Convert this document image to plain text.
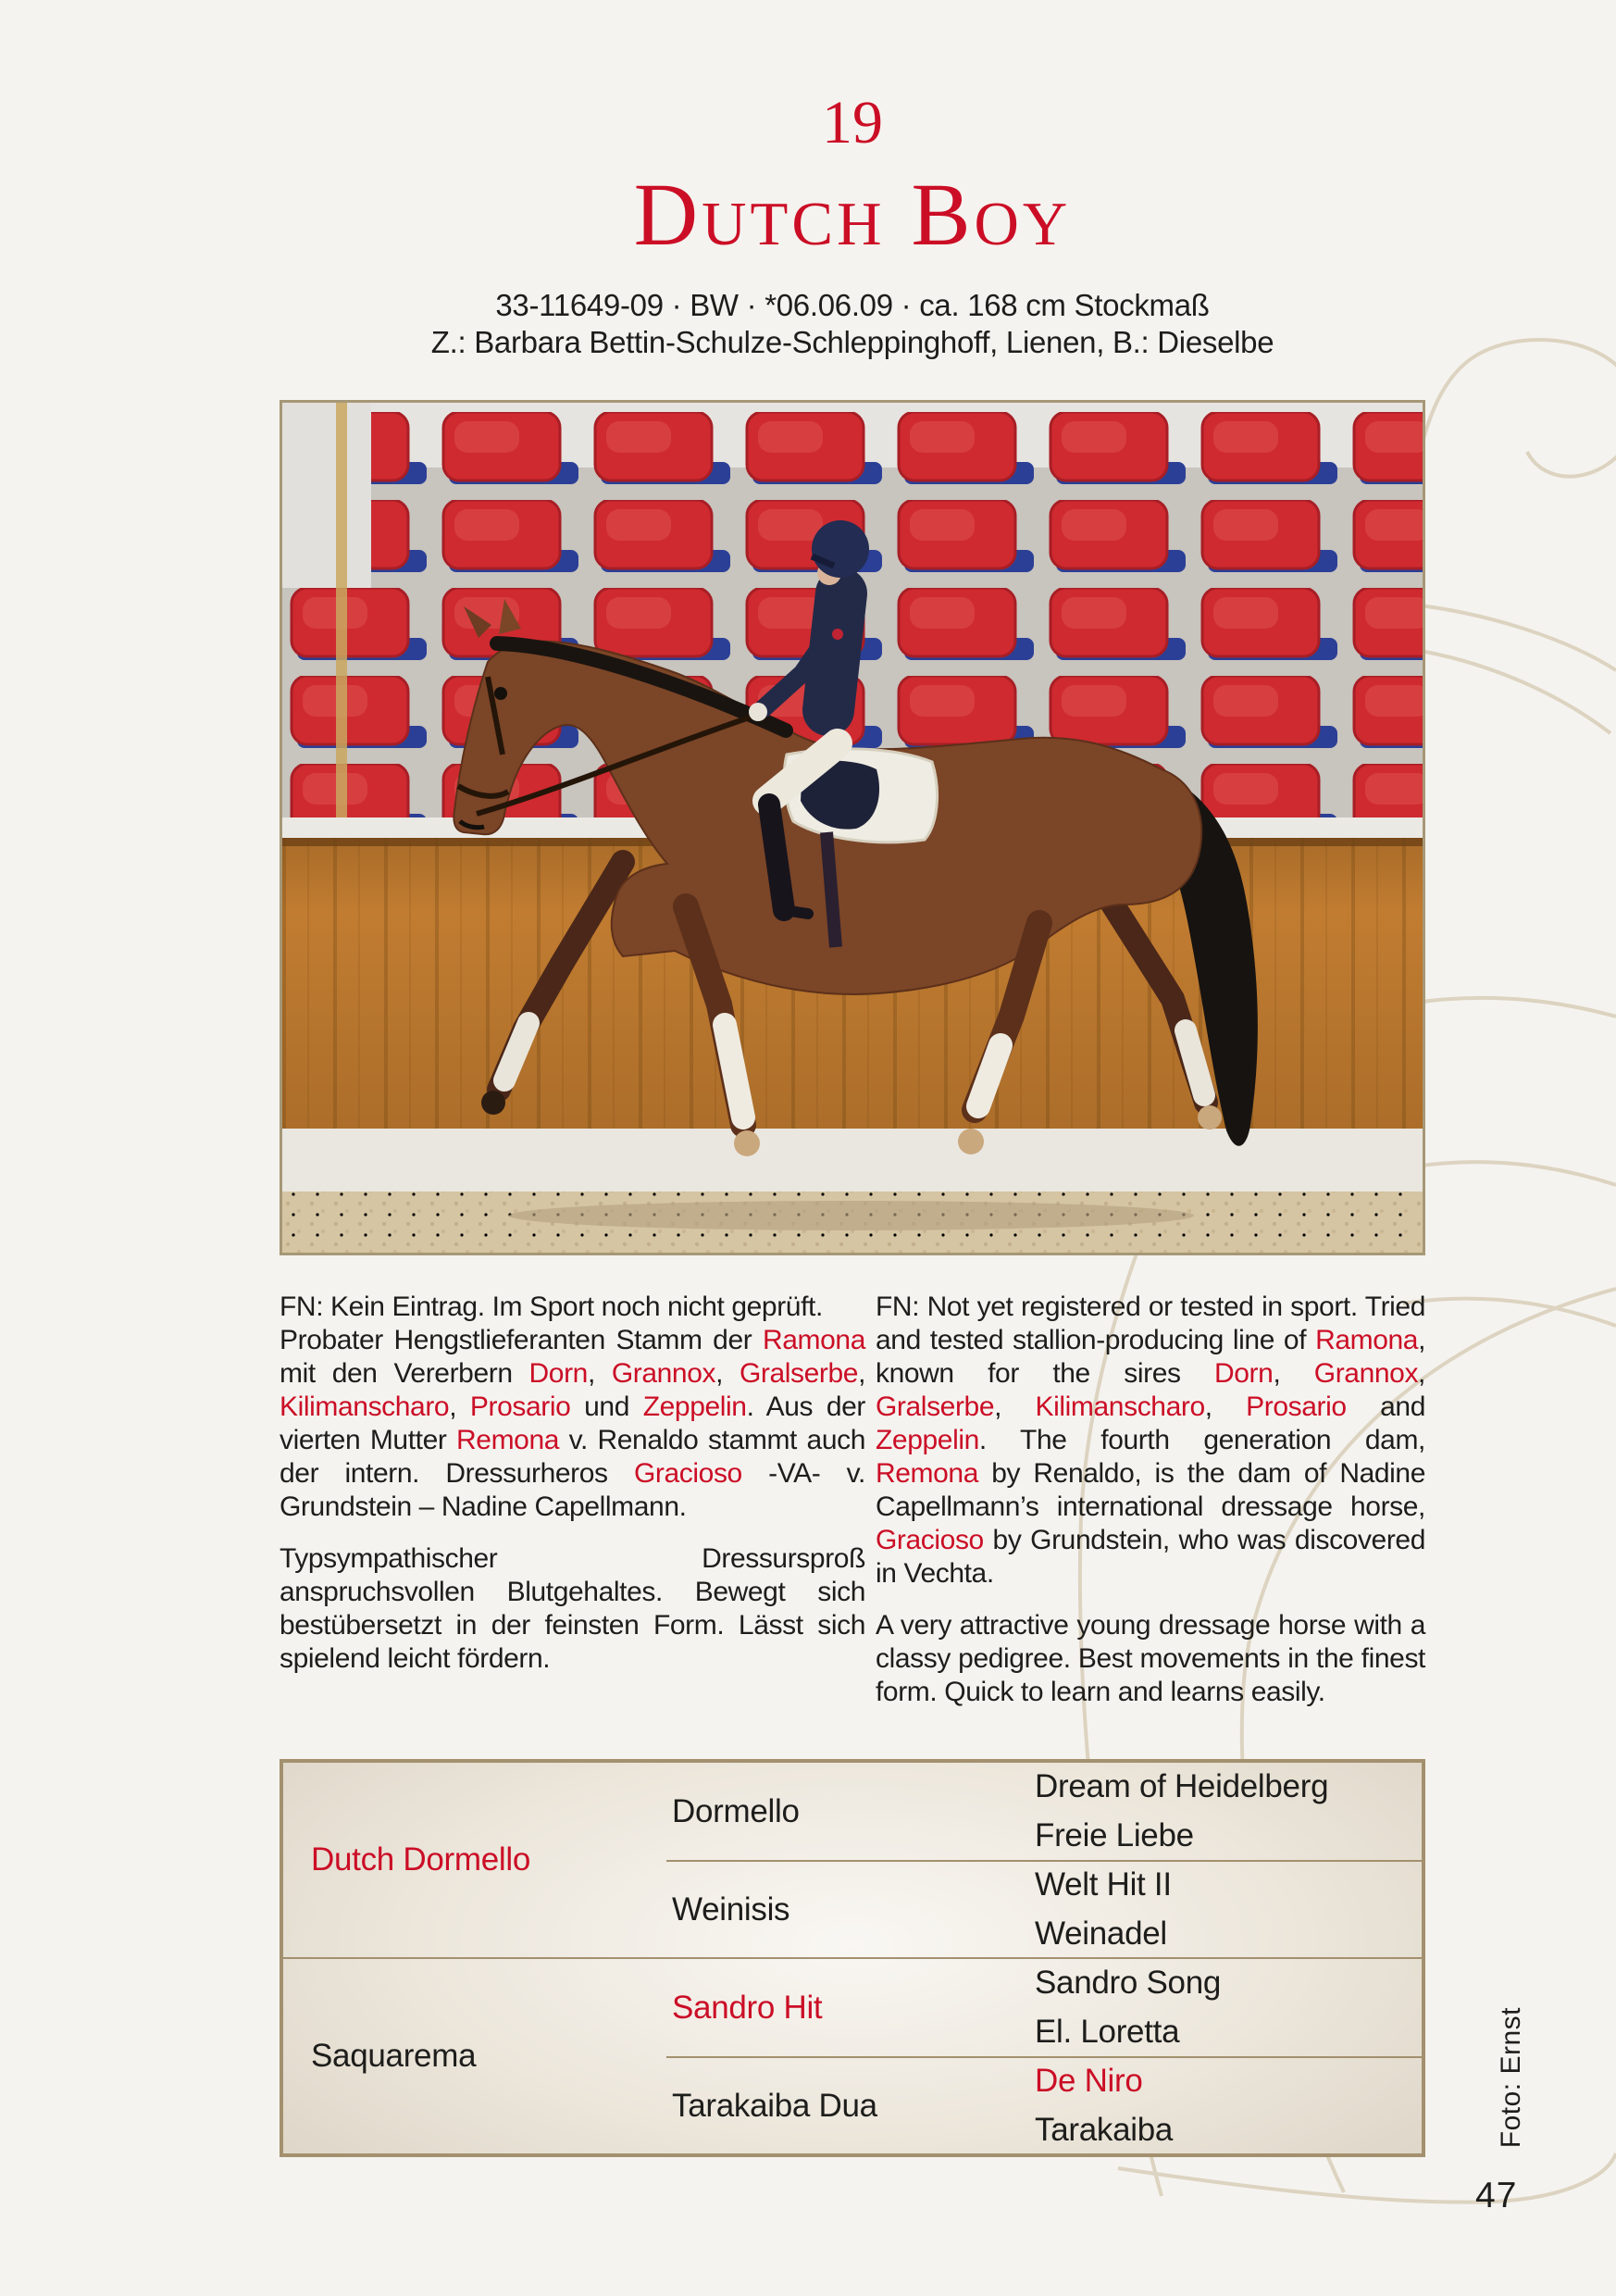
19
Dutch Boy
33-11649-09 · BW · *06.06.09 · ca. 168 cm Stockmaß
Z.: Barbara Bettin-Schulze-Schleppinghoff, Lienen, B.: Dieselbe

FN: Kein Eintrag. Im Sport noch nicht geprüft.

Probater Hengstlieferanten Stamm der Ramona mit den Vererbern Dorn, Grannox, Gralserbe, Kilimanscharo, Prosario und Zeppelin. Aus der vierten Mutter Remona v. Renaldo stammt auch der intern. Dressurheros Gracioso -VA- v. Grundstein – Nadine Capellmann.

Typsympathischer Dressursproß anspruchsvollen Blutgehaltes. Bewegt sich bestübersetzt in der feinsten Form. Lässt sich spielend leicht fördern.

FN: Not yet registered or tested in sport. Tried and tested stallion-producing line of Ramona, known for the sires Dorn, Grannox, Gralserbe, Kilimanscharo, Prosario and Zeppelin. The fourth generation dam, Remona by Renaldo, is the dam of Nadine Capellmann’s international dressage horse, Gracioso by Grundstein, who was discovered in Vechta.

A very attractive young dressage horse with a classy pedigree. Best movements in the finest form. Quick to learn and learns easily.

Dutch Dormello
Dormello
Dream of Heidelberg
Freie Liebe
Weinisis
Welt Hit II
Weinadel
Saquarema
Sandro Hit
Sandro Song
El. Loretta
Tarakaiba Dua
De Niro
Tarakaiba	Foto: Ernst
47
